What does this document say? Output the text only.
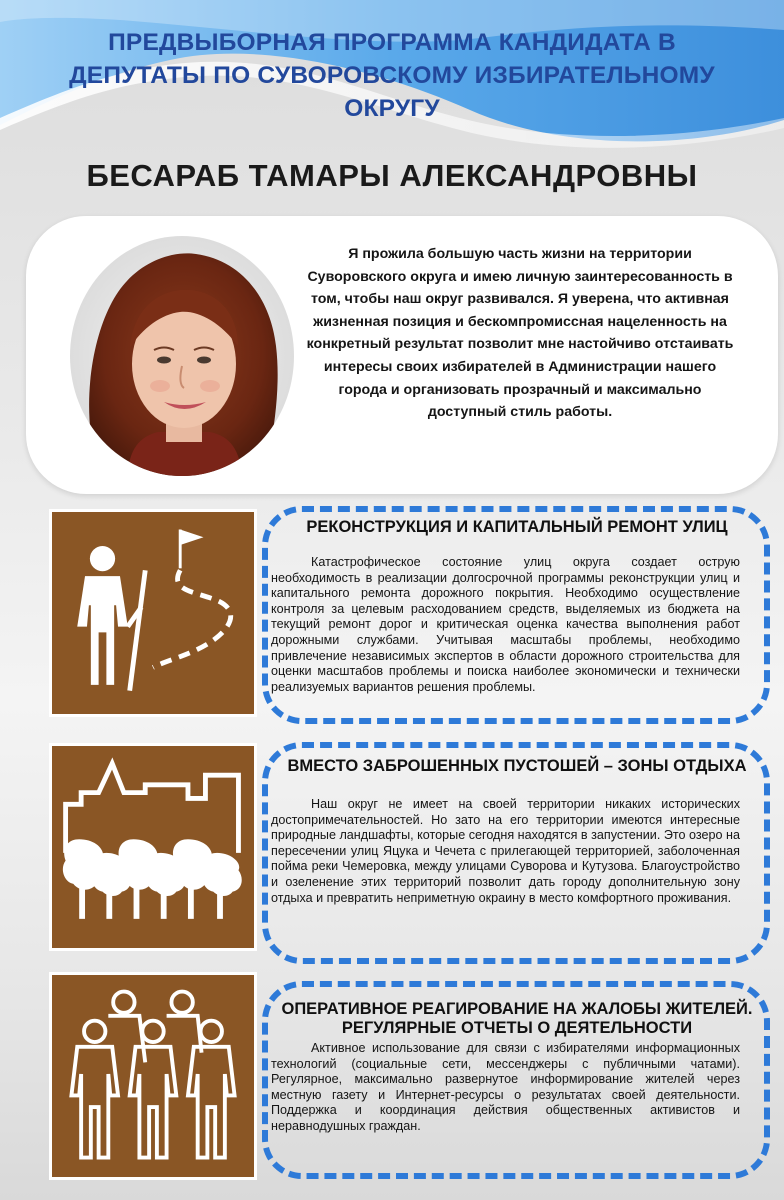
ПРЕДВЫБОРНАЯ ПРОГРАММА КАНДИДАТА В ДЕПУТАТЫ ПО СУВОРОВСКОМУ ИЗБИРАТЕЛЬНОМУ ОКРУГУ
БЕСАРАБ ТАМАРЫ АЛЕКСАНДРОВНЫ
Я прожила большую часть жизни на территории Суворовского округа и имею личную заинтересованность в том, чтобы наш округ развивался. Я уверена, что активная жизненная позиция и бескомпромиссная нацеленность на конкретный результат позволит мне настойчиво отстаивать интересы своих избирателей в Администрации нашего города и организовать прозрачный и максимально доступный стиль работы.
РЕКОНСТРУКЦИЯ И КАПИТАЛЬНЫЙ РЕМОНТ УЛИЦ
Катастрофическое состояние улиц округа создает острую необходимость в реализации долгосрочной программы реконструкции улиц и капитального ремонта дорожного покрытия. Необходимо осуществление контроля за целевым расходованием средств, выделяемых из бюджета на текущий ремонт дорог и критическая оценка качества выполнения работ дорожными службами. Учитывая масштабы проблемы, необходимо привлечение независимых экспертов в области дорожного строительства для оценки масштабов проблемы и поиска наиболее экономически и технически реализуемых вариантов решения проблемы.
ВМЕСТО ЗАБРОШЕННЫХ ПУСТОШЕЙ – ЗОНЫ ОТДЫХА
Наш округ не имеет на своей территории никаких исторических достопримечательностей. Но зато на его территории имеются интересные природные ландшафты, которые сегодня находятся в запустении. Это озеро на пересечении улиц Яцука и Чечета с прилегающей территорией, заболоченная пойма реки Чемеровка, между улицами Суворова и Кутузова. Благоустройство и озеленение этих территорий позволит дать городу дополнительную зону отдыха и превратить неприметную окраину в место комфортного проживания.
ОПЕРАТИВНОЕ РЕАГИРОВАНИЕ НА ЖАЛОБЫ ЖИТЕЛЕЙ. РЕГУЛЯРНЫЕ ОТЧЕТЫ О ДЕЯТЕЛЬНОСТИ
Активное использование для связи с избирателями информационных технологий (социальные сети, мессенджеры с публичными чатами). Регулярное, максимально развернутое информирование жителей через местную газету и Интернет-ресурсы о результатах своей деятельности. Поддержка и координация действия общественных активистов и неравнодушных граждан.
